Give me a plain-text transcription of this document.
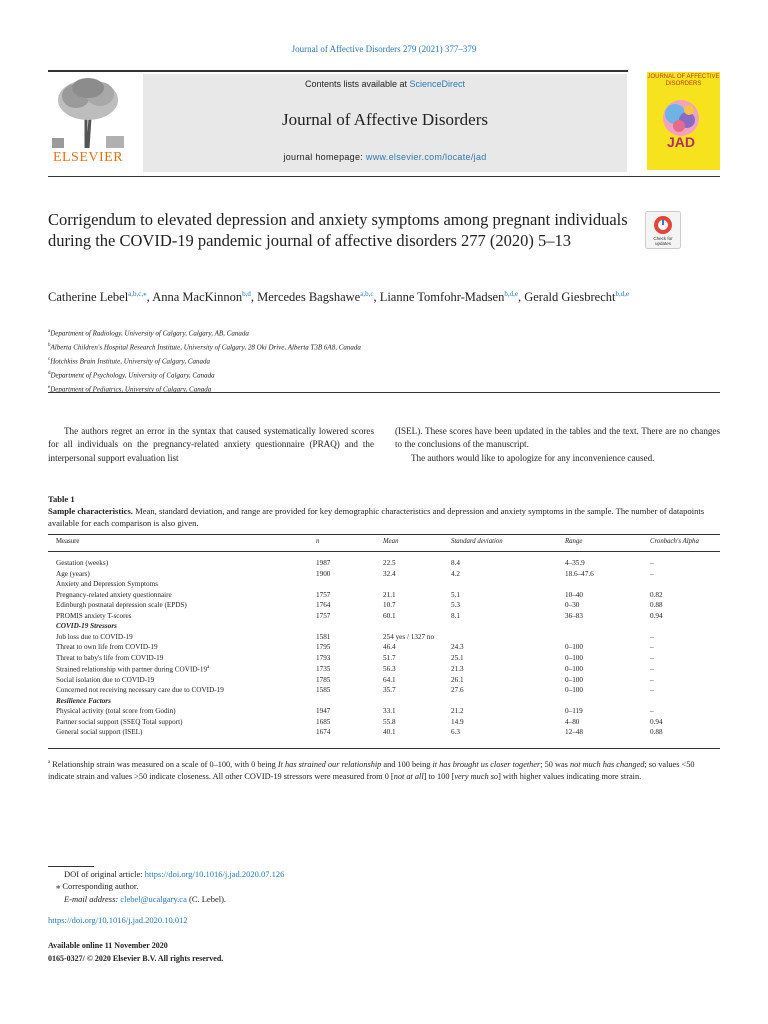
Journal of Affective Disorders 279 (2021) 377–379
ELSEVIER
Contents lists available at ScienceDirect
Journal of Affective Disorders
journal homepage: www.elsevier.com/locate/jad
JOURNAL OF AFFECTIVE DISORDERS
JAD
Corrigendum to elevated depression and anxiety symptoms among pregnant individuals during the COVID-19 pandemic journal of affective disorders 277 (2020) 5–13	Check for updates
Catherine Lebel$^{a,b,c,⁎}$, Anna MacKinnon$^{b,d}$, Mercedes Bagshawe$^{a,b,c}$, Lianne Tomfohr-Madsen$^{b,d,e}$, Gerald Giesbrecht$^{b,d,e}$
$^a$Department of Radiology, University of Calgary, Calgary, AB, Canada
$^b$Alberta Children's Hospital Research Institute, University of Calgary, 28 Oki Drive, Alberta T3B 6A8, Canada
$^c$Hotchkiss Brain Institute, University of Calgary, Canada
$^d$Department of Psychology, University of Calgary, Canada
$^e$Department of Pediatrics, University of Calgary, Canada

The authors regret an error in the syntax that caused systematically lowered scores for all individuals on the pregnancy-related anxiety questionnaire (PRAQ) and the interpersonal support evaluation list

(ISEL). These scores have been updated in the tables and the text. There are no changes to the conclusions of the manuscript.

The authors would like to apologize for any inconvenience caused.

Table 1
Sample characteristics. Mean, standard deviation, and range are provided for key demographic characteristics and depression and anxiety symptoms in the sample. The number of datapoints available for each comparison is also given.
Measure	n	Mean	Standard deviation	Range	Cronbach's Alpha
Gestation (weeks)	1987	22.5	8.4	4–35.9	–
Age (years)	1900	32.4	4.2	18.6–47.6	–
Anxiety and Depression Symptoms					
Pregnancy-related anxiety questionnaire	1757	21.1	5.1	10–40	0.82
Edinburgh postnatal depression scale (EPDS)	1764	10.7	5.3	0–30	0.88
PROMIS anxiety T-scores	1757	60.1	8.1	36–83	0.94
COVID-19 Stressors					
Job loss due to COVID-19	1581	254 yes / 1327 no			–
Threat to own life from COVID-19	1795	46.4	24.3	0–100	–
Threat to baby's life from COVID-19	1793	51.7	25.1	0–100	–
Strained relationship with partner during COVID-19$^a$	1735	56.3	21.3	0–100	–
Social isolation due to COVID-19	1785	64.1	26.1	0–100	–
Concerned not receiving necessary care due to COVID-19	1585	35.7	27.6	0–100	–
Resilience Factors					
Physical activity (total score from Godin)	1947	33.1	21.2	0–119	–
Partner social support (SSEQ Total support)	1685	55.8	14.9	4–80	0.94
General social support (ISEL)	1674	40.1	6.3	12–48	0.88
$^a$ Relationship strain was measured on a scale of 0–100, with 0 being It has strained our relationship and 100 being it has brought us closer together; 50 was not much has changed; so values <50 indicate strain and values >50 indicate closeness. All other COVID-19 stressors were measured from 0 [not at all] to 100 [very much so] with higher values indicating more strain.
DOI of original article: https://doi.org/10.1016/j.jad.2020.07.126
⁎ Corresponding author.
E-mail address: clebel@ucalgary.ca (C. Lebel).
https://doi.org/10.1016/j.jad.2020.10.012
Available online 11 November 2020
0165-0327/ © 2020 Elsevier B.V. All rights reserved.
